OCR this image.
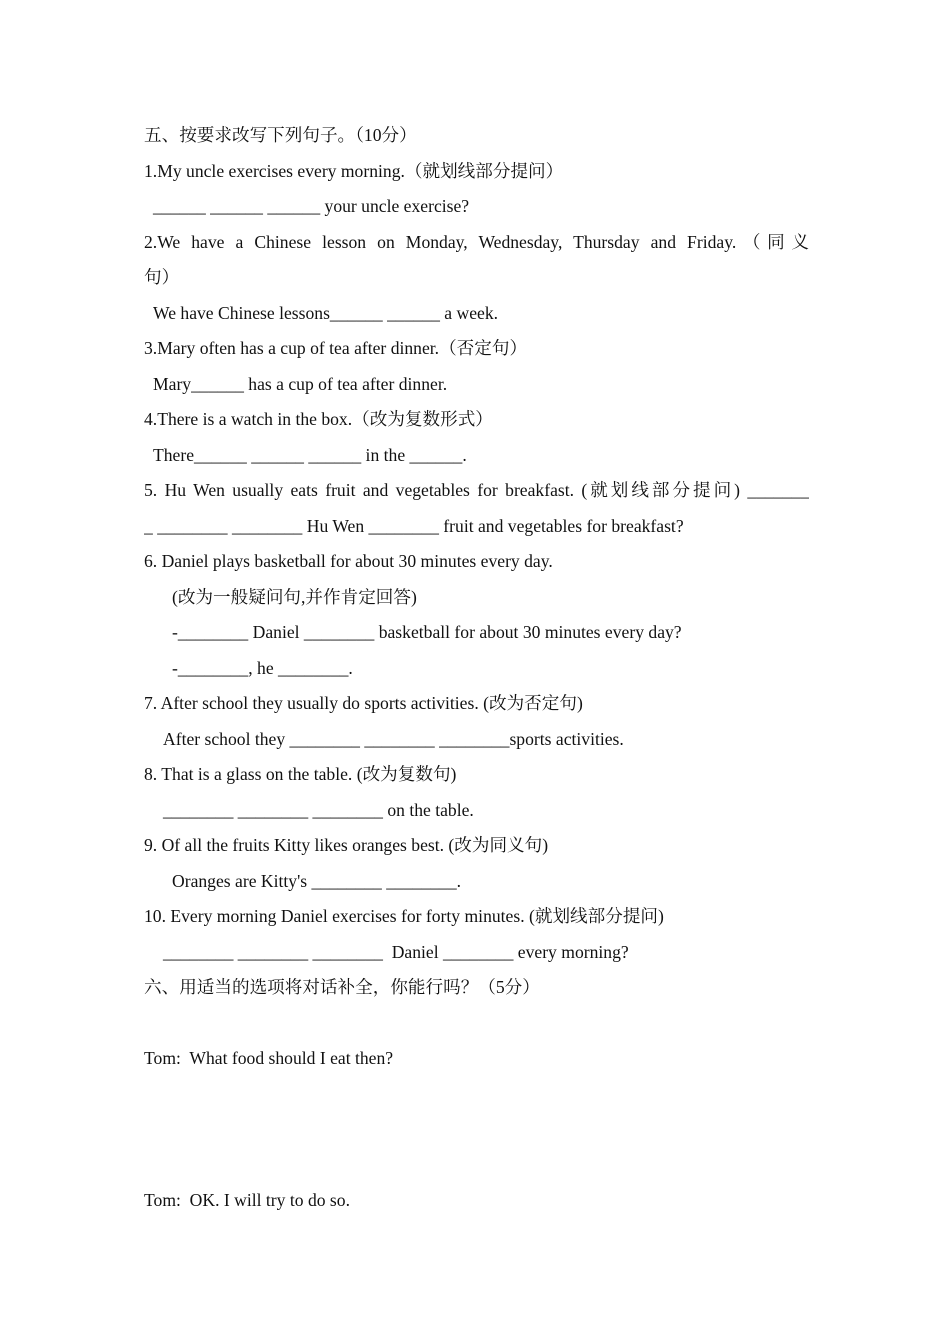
五、按要求改写下列句子。（10分）
1.My uncle exercises every morning.（就划线部分提问）
______ ______ ______ your uncle exercise?
2.We have a Chinese lesson on Monday, Wednesday, Thursday and Friday.（同义
句）
We have Chinese lessons______ ______ a week.
3.Mary often has a cup of tea after dinner.（否定句）
Mary______ has a cup of tea after dinner.
4.There is a watch in the box.（改为复数形式）
There______ ______ ______ in the ______.
5. Hu Wen usually eats fruit and vegetables for breakfast. (就划线部分提问) _______
_ ________ ________ Hu Wen ________ fruit and vegetables for breakfast?
6. Daniel plays basketball for about 30 minutes every day.
(改为一般疑问句,并作肯定回答)
-________ Daniel ________ basketball for about 30 minutes every day?
-________, he ________.
7. After school they usually do sports activities. (改为否定句)
After school they ________ ________ ________sports activities.
8. That is a glass on the table. (改为复数句)
________ ________ ________ on the table.
9. Of all the fruits Kitty likes oranges best. (改为同义句)
Oranges are Kitty's ________ ________.
10. Every morning Daniel exercises for forty minutes. (就划线部分提问)
________ ________ ________  Daniel ________ every morning?
六、用适当的选项将对话补全，你能行吗？（5分）

Tom:  What food should I eat then?

Tom:  OK. I will try to do so.
